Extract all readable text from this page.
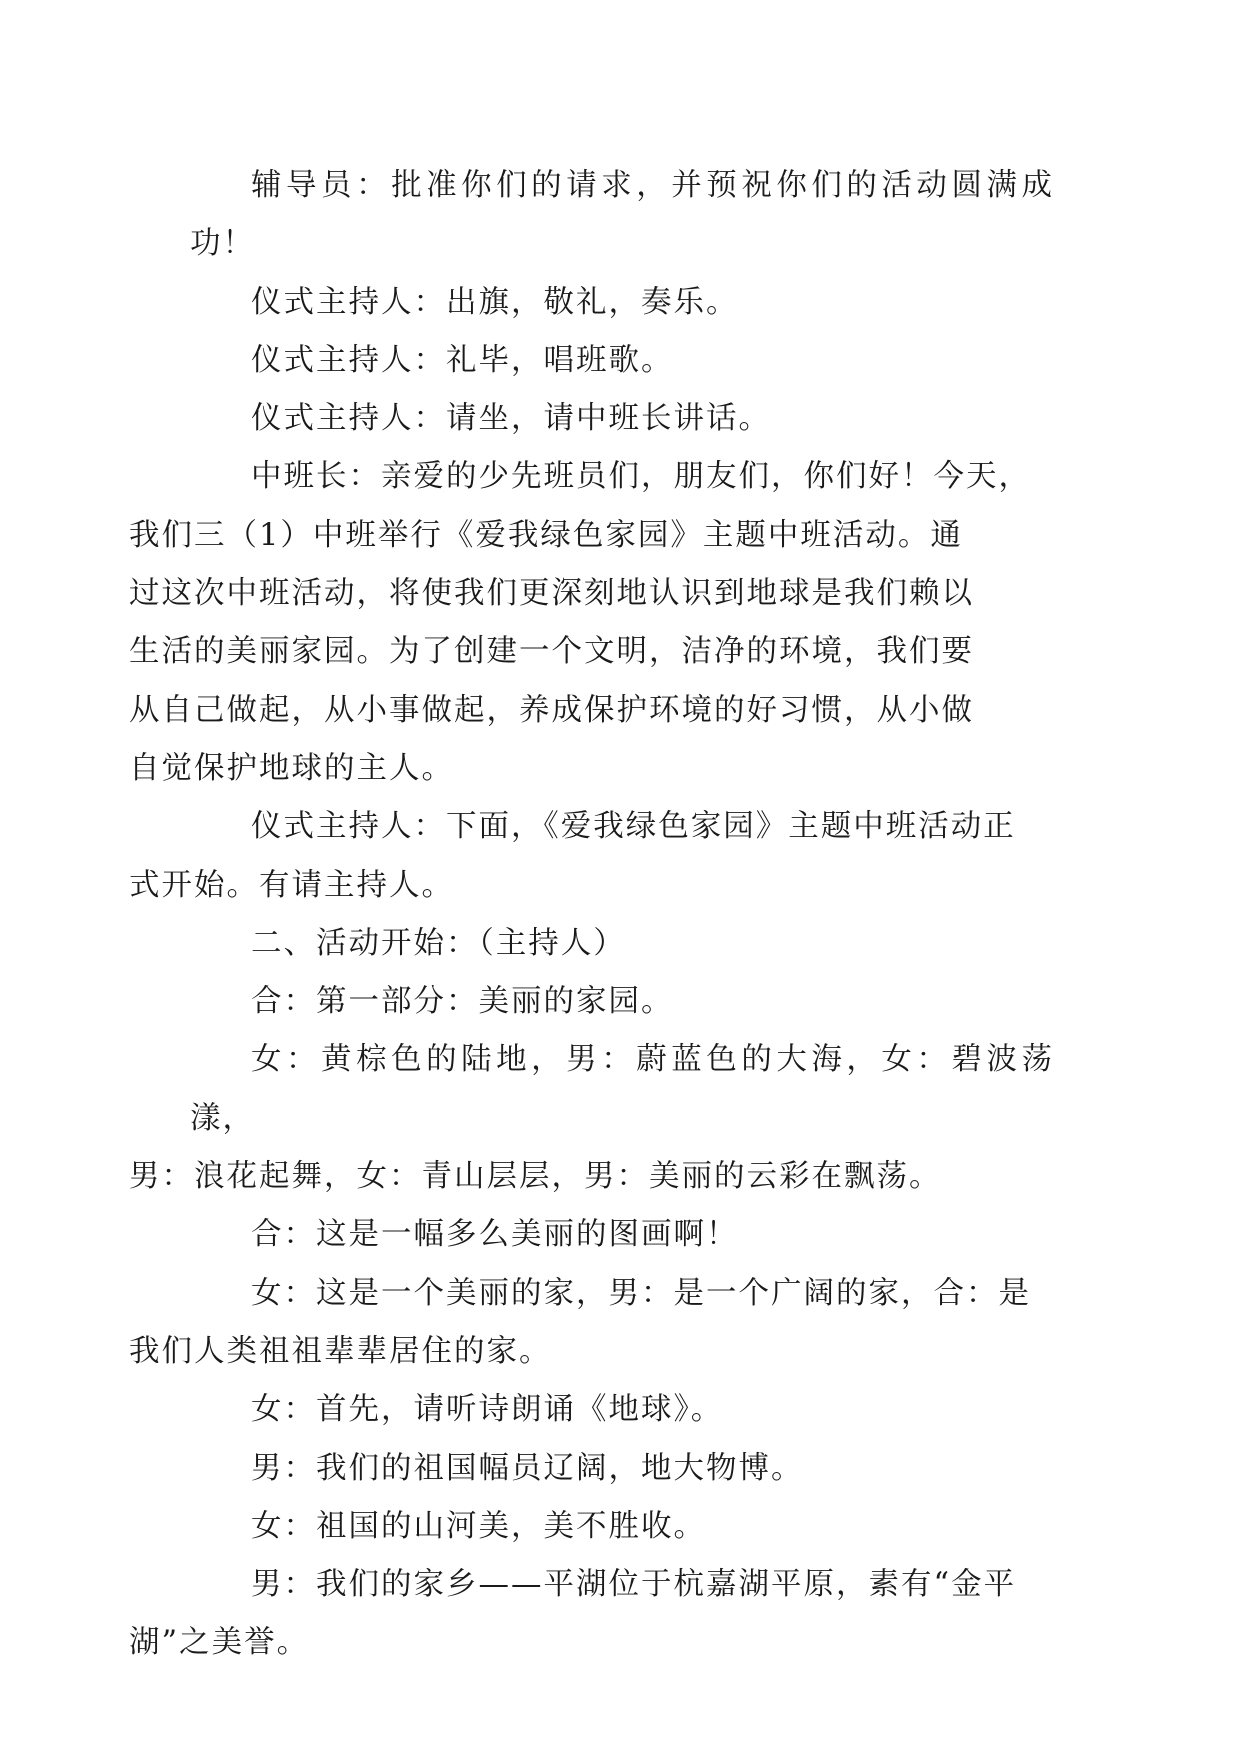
辅导员：批准你们的请求，并预祝你们的活动圆满成功！

仪式主持人：出旗，敬礼，奏乐。

仪式主持人：礼毕，唱班歌。

仪式主持人：请坐，请中班长讲话。

中班长：亲爱的少先班员们，朋友们，你们好！今天，
我们三（1）中班举行《爱我绿色家园》主题中班活动。通
过这次中班活动，将使我们更深刻地认识到地球是我们赖以
生活的美丽家园。为了创建一个文明，洁净的环境，我们要
从自己做起，从小事做起，养成保护环境的好习惯，从小做
自觉保护地球的主人。

仪式主持人：下面，《爱我绿色家园》主题中班活动正
式开始。有请主持人。

二、活动开始：（主持人）

合：第一部分：美丽的家园。

女：黄棕色的陆地，男：蔚蓝色的大海，女：碧波荡漾，
男：浪花起舞，女：青山层层，男：美丽的云彩在飘荡。

合：这是一幅多么美丽的图画啊！

女：这是一个美丽的家，男：是一个广阔的家，合：是
我们人类祖祖辈辈居住的家。

女：首先，请听诗朗诵《地球》。

男：我们的祖国幅员辽阔，地大物博。

女：祖国的山河美，美不胜收。

男：我们的家乡——平湖位于杭嘉湖平原，素有“金平
湖”之美誉。
